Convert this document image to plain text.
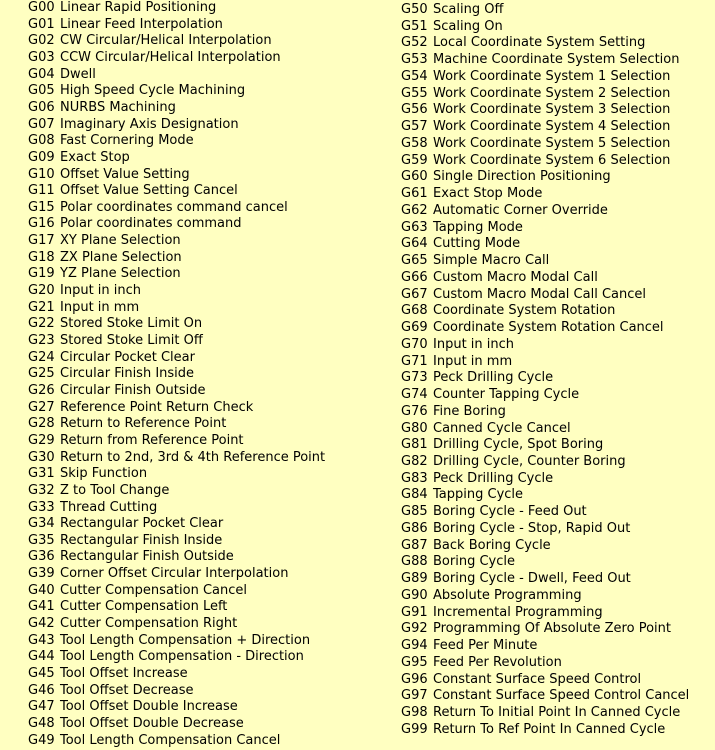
G00 Linear Rapid Positioning
G01 Linear Feed Interpolation
G02 CW Circular/Helical Interpolation
G03 CCW Circular/Helical Interpolation
G04 Dwell
G05 High Speed Cycle Machining
G06 NURBS Machining
G07 Imaginary Axis Designation
G08 Fast Cornering Mode
G09 Exact Stop
G10 Offset Value Setting
G11 Offset Value Setting Cancel
G15 Polar coordinates command cancel
G16 Polar coordinates command
G17 XY Plane Selection
G18 ZX Plane Selection
G19 YZ Plane Selection
G20 Input in inch
G21 Input in mm
G22 Stored Stoke Limit On
G23 Stored Stoke Limit Off
G24 Circular Pocket Clear
G25 Circular Finish Inside
G26 Circular Finish Outside
G27 Reference Point Return Check
G28 Return to Reference Point
G29 Return from Reference Point
G30 Return to 2nd, 3rd & 4th Reference Point
G31 Skip Function
G32 Z to Tool Change
G33 Thread Cutting
G34 Rectangular Pocket Clear
G35 Rectangular Finish Inside
G36 Rectangular Finish Outside
G39 Corner Offset Circular Interpolation
G40 Cutter Compensation Cancel
G41 Cutter Compensation Left
G42 Cutter Compensation Right
G43 Tool Length Compensation + Direction
G44 Tool Length Compensation - Direction
G45 Tool Offset Increase
G46 Tool Offset Decrease
G47 Tool Offset Double Increase
G48 Tool Offset Double Decrease
G49 Tool Length Compensation Cancel
G50 Scaling Off
G51 Scaling On
G52 Local Coordinate System Setting
G53 Machine Coordinate System Selection
G54 Work Coordinate System 1 Selection
G55 Work Coordinate System 2 Selection
G56 Work Coordinate System 3 Selection
G57 Work Coordinate System 4 Selection
G58 Work Coordinate System 5 Selection
G59 Work Coordinate System 6 Selection
G60 Single Direction Positioning
G61 Exact Stop Mode
G62 Automatic Corner Override
G63 Tapping Mode
G64 Cutting Mode
G65 Simple Macro Call
G66 Custom Macro Modal Call
G67 Custom Macro Modal Call Cancel
G68 Coordinate System Rotation
G69 Coordinate System Rotation Cancel
G70 Input in inch
G71 Input in mm
G73 Peck Drilling Cycle
G74 Counter Tapping Cycle
G76 Fine Boring
G80 Canned Cycle Cancel
G81 Drilling Cycle, Spot Boring
G82 Drilling Cycle, Counter Boring
G83 Peck Drilling Cycle
G84 Tapping Cycle
G85 Boring Cycle - Feed Out
G86 Boring Cycle - Stop, Rapid Out
G87 Back Boring Cycle
G88 Boring Cycle
G89 Boring Cycle - Dwell, Feed Out
G90 Absolute Programming
G91 Incremental Programming
G92 Programming Of Absolute Zero Point
G94 Feed Per Minute
G95 Feed Per Revolution
G96 Constant Surface Speed Control
G97 Constant Surface Speed Control Cancel
G98 Return To Initial Point In Canned Cycle
G99 Return To Ref Point In Canned Cycle
